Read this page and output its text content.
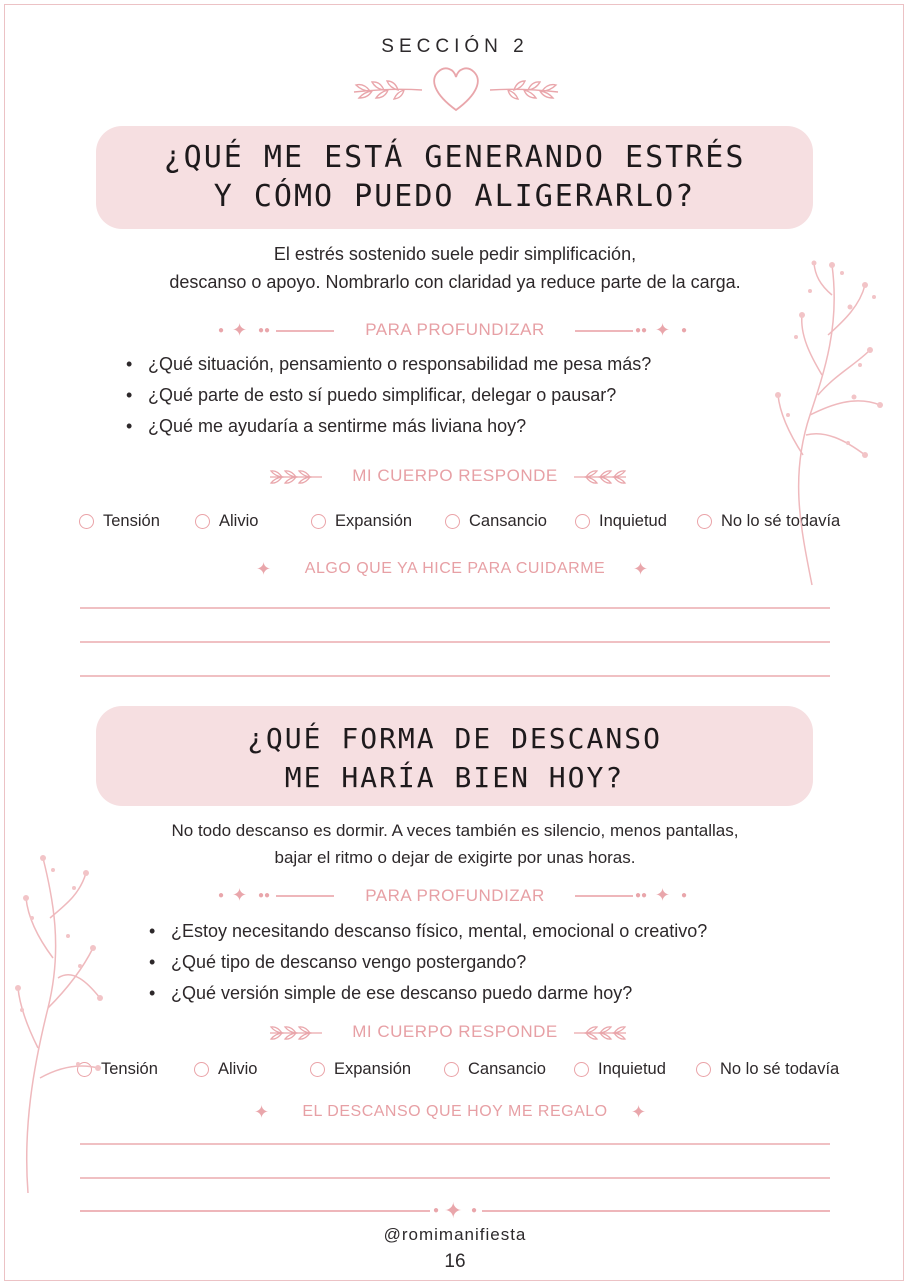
SECCIÓN 2
¿QUÉ ME ESTÁ GENERANDO ESTRÉS
Y CÓMO PUEDO ALIGERARLO?
El estrés sostenido suele pedir simplificación,
descanso o apoyo. Nombrarlo con claridad ya reduce parte de la carga.
● ✦ ●●	PARA PROFUNDIZAR	●● ✦ ●
• ¿Qué situación, pensamiento o responsabilidad me pesa más?
• ¿Qué parte de esto sí puedo simplificar, delegar o pausar?
• ¿Qué me ayudaría a sentirme más liviana hoy?
MI CUERPO RESPONDE
Tensión	Alivio	Expansión	Cansancio	Inquietud	No lo sé todavía
✦	ALGO QUE YA HICE PARA CUIDARME	✦
¿QUÉ FORMA DE DESCANSO
ME HARÍA BIEN HOY?
No todo descanso es dormir. A veces también es silencio, menos pantallas,
bajar el ritmo o dejar de exigirte por unas horas.
● ✦ ●●	PARA PROFUNDIZAR	●● ✦ ●
• ¿Estoy necesitando descanso físico, mental, emocional o creativo?
• ¿Qué tipo de descanso vengo postergando?
• ¿Qué versión simple de ese descanso puedo darme hoy?
MI CUERPO RESPONDE
Tensión	Alivio	Expansión	Cansancio	Inquietud	No lo sé todavía
✦	EL DESCANSO QUE HOY ME REGALO	✦
✦
●	●
@romimanifiesta
16
